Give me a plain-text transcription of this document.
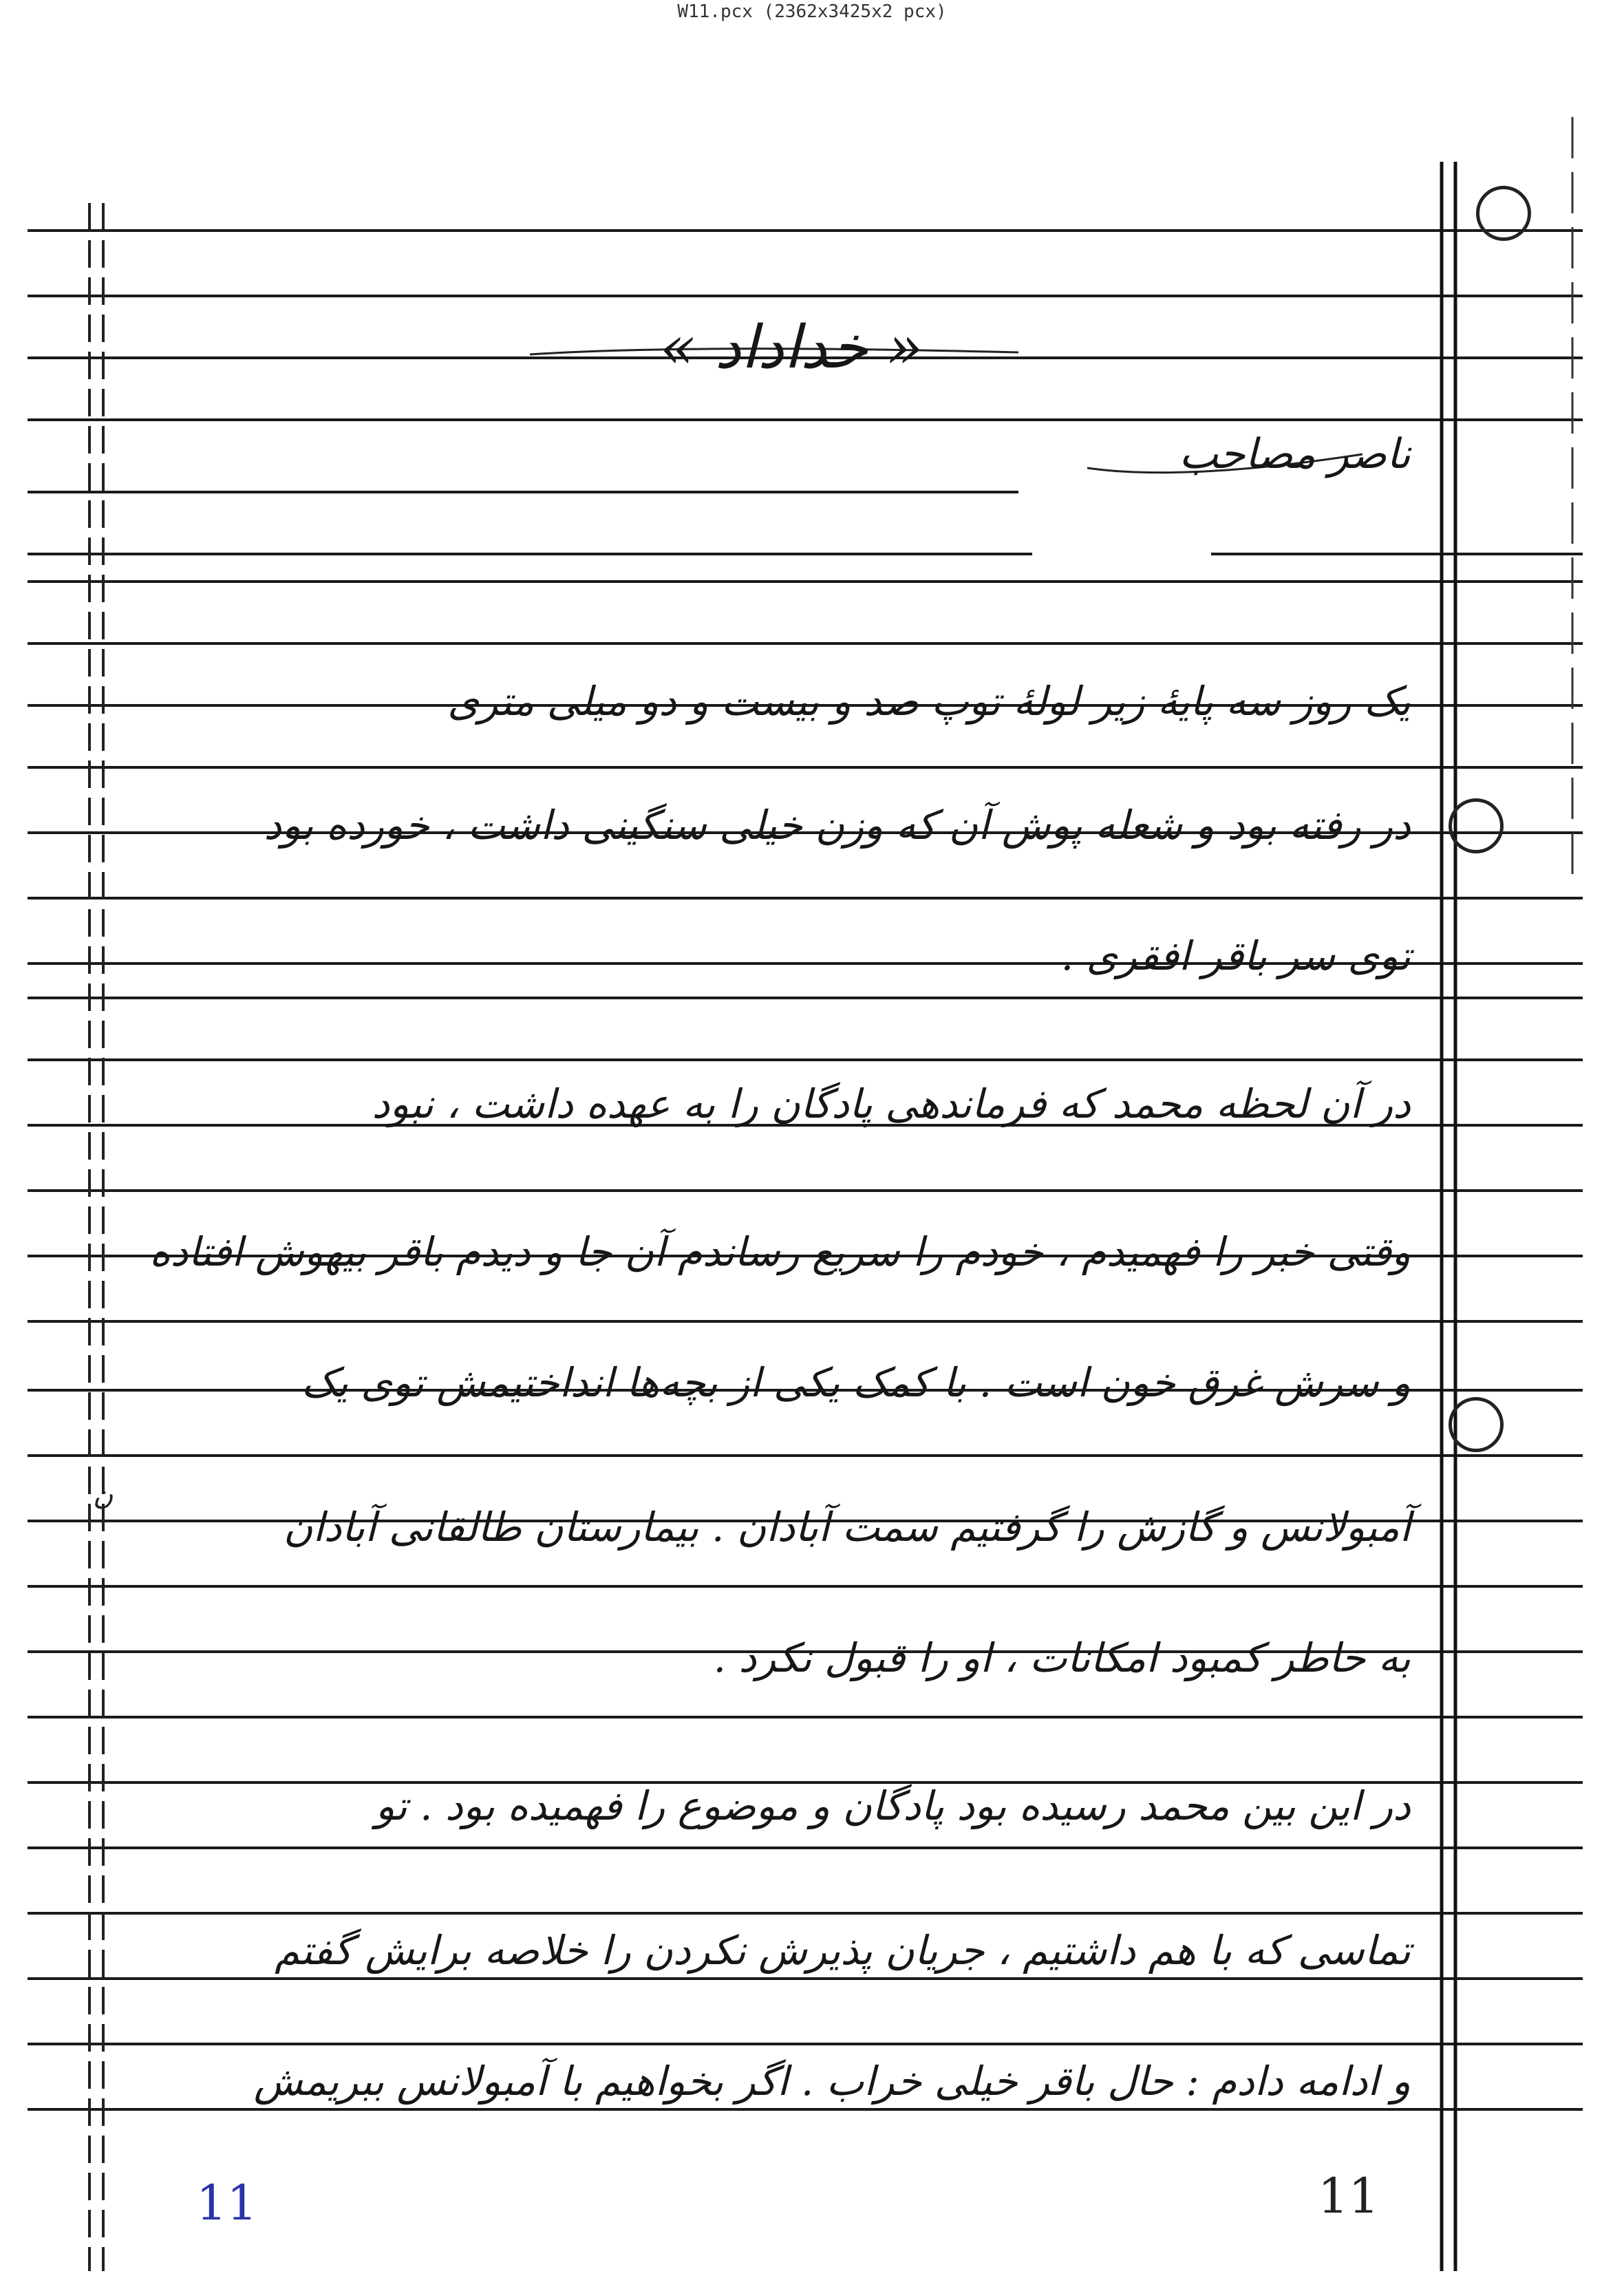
W11.pcx (2362x3425x2 pcx)
« خداداد »
ناصر مصاحب
یک روز سه پایهٔ زیر لولهٔ توپ صد و بیست و دو میلی متری
در رفته بود و شعله پوش آن که وزن خیلی سنگینی داشت ، خورده بود
توی سر باقر افقری .
در آن لحظه محمد که فرماندهی پادگان را به عهده داشت ، نبود
وقتی خبر را فهمیدم ، خودم را سریع رساندم آن جا و دیدم باقر بیهوش افتاده
و سرش غرق خون است . با کمک یکی از بچه‌ها انداختیمش توی یک
آمبولانس و گازش را گرفتیم سمت آبادان . بیمارستان طالقانی آبادان
به خاطر کمبود امکانات ، او را قبول نکرد .
در این بین محمد رسیده بود پادگان و موضوع را فهمیده بود . تو
تماسی که با هم داشتیم ، جریان پذیرش نکردن را خلاصه برایش گفتم
و ادامه دادم : حال باقر خیلی خراب . اگر بخواهیم با آمبولانس ببریمش
ن
11
11
